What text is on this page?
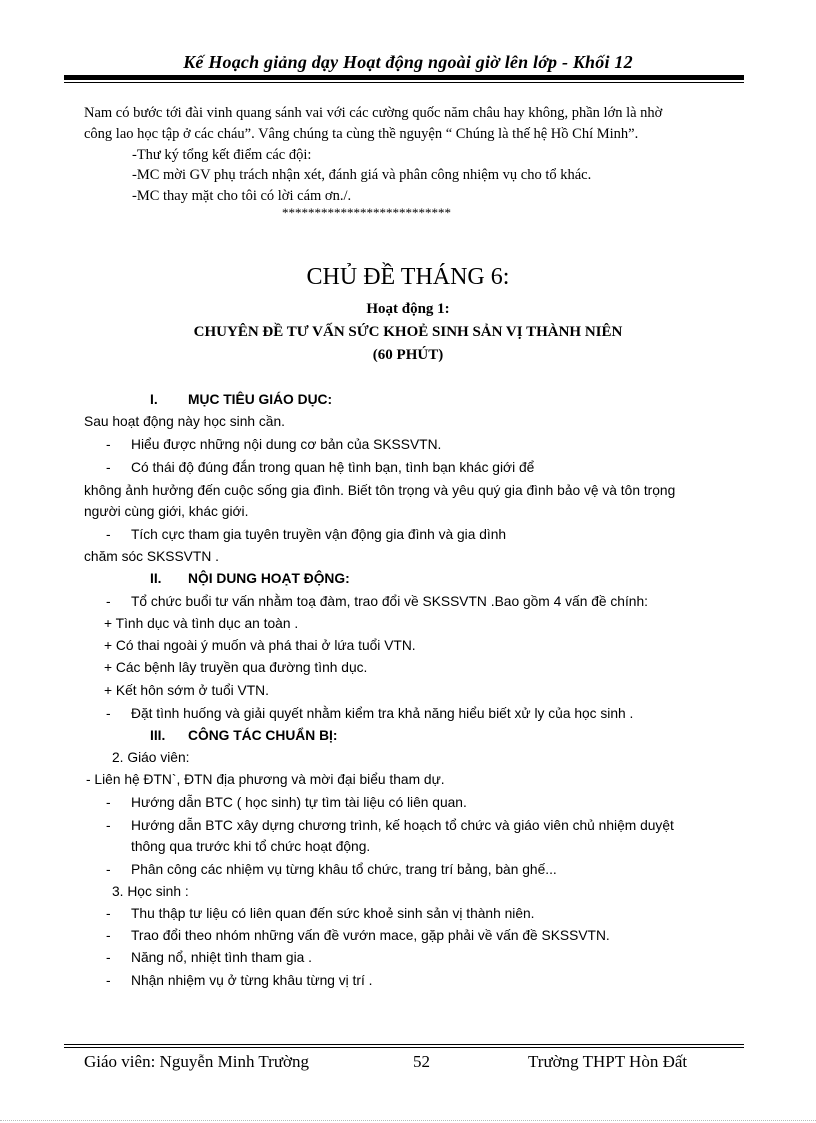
Kế Hoạch giảng dạy Hoạt động ngoài giờ lên lớp - Khối 12
Nam có bước tới đài vinh quang sánh vai với các cường quốc năm châu hay không, phần lớn là nhờ
công lao học tập ở các cháu”. Vâng chúng ta cùng thề nguyện “ Chúng là thế hệ Hồ Chí Minh”.
-Thư ký tổng kết điểm các đội:
-MC mời GV phụ trách nhận xét, đánh giá và phân công nhiệm vụ cho tổ khác.
-MC thay mặt cho tôi có lời cám ơn./.
**************************
CHỦ ĐỀ THÁNG 6:
Hoạt động 1:
CHUYÊN ĐỀ TƯ VẤN SỨC KHOẺ SINH SẢN VỊ THÀNH NIÊN
(60 PHÚT)
I. MỤC TIÊU GIÁO DỤC:
Sau hoạt động này học sinh cần.
- Hiểu được những nội dung cơ bản của SKSSVTN.
- Có thái độ đúng đắn trong quan hệ tình bạn, tình bạn khác giới để
không ảnh hưởng đến cuộc sống gia đình. Biết tôn trọng và yêu quý gia đình bảo vệ và tôn trọng
người cùng giới, khác giới.
- Tích cực tham gia tuyên truyền vận động gia đình và gia dình
chăm sóc SKSSVTN .
II. NỘI DUNG HOẠT ĐỘNG:
- Tổ chức buổi tư vấn nhằm toạ đàm, trao đổi về SKSSVTN .Bao gồm 4 vấn đề chính:
+ Tình dục và tình dục an toàn .
+ Có thai ngoài ý muốn và phá thai ở lứa tuổi VTN.
+ Các bệnh lây truyền qua đường tình dục.
+ Kết hôn sớm ở tuổi VTN.
- Đặt tình huống và giải quyết nhằm kiểm tra khả năng hiểu biết xử ly của học sinh .
III. CÔNG TÁC CHUẨN BỊ:
2. Giáo viên:
- Liên hệ ĐTN`, ĐTN địa phương và mời đại biểu tham dự.
- Hướng dẫn BTC ( học sinh) tự tìm tài liệu có liên quan.
- Hướng dẫn BTC xây dựng chương trình, kế hoạch tổ chức và giáo viên chủ nhiệm duyệt
thông qua trước khi tổ chức hoạt động.
- Phân công các nhiệm vụ từng khâu tổ chức, trang trí bảng, bàn ghế...
3. Học sinh :
- Thu thập tư liệu có liên quan đến sức khoẻ sinh sản vị thành niên.
- Trao đổi theo nhóm những vấn đề vướn mace, gặp phải về vấn đề SKSSVTN.
- Năng nổ, nhiệt tình tham gia .
- Nhận nhiệm vụ ở từng khâu từng vị trí .
Giáo viên: Nguyễn Minh Trường	52	Trường THPT Hòn Đất
